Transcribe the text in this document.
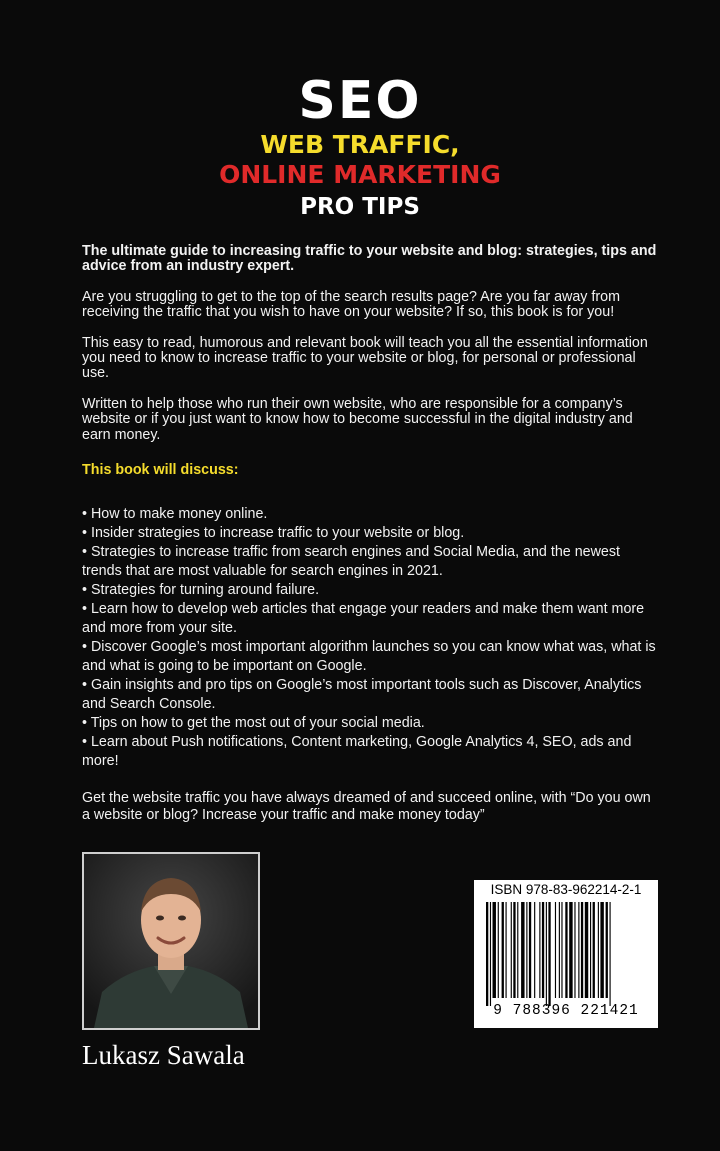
SEO
WEB TRAFFIC,
ONLINE MARKETING
PRO TIPS

The ultimate guide to increasing traffic to your website and blog: strategies, tips and advice from an industry expert.

Are you struggling to get to the top of the search results page? Are you far away from receiving the traffic that you wish to have on your website? If so, this book is for you!

This easy to read, humorous and relevant book will teach you all the essential information you need to know to increase traffic to your website or blog, for personal or professional use.

Written to help those who run their own website, who are responsible for a company’s website or if you just want to know how to become successful in the digital industry and earn money.

This book will discuss:

• How to make money online.
• Insider strategies to increase traffic to your website or blog.
• Strategies to increase traffic from search engines and Social Media, and the newest trends that are most valuable for search engines in 2021.
• Strategies for turning around failure.
• Learn how to develop web articles that engage your readers and make them want more and more from your site.
• Discover Google’s most important algorithm launches so you can know what was, what is and what is going to be important on Google.
• Gain insights and pro tips on Google’s most important tools such as Discover, Analytics and Search Console.
• Tips on how to get the most out of your social media.
• Learn about Push notifications, Content marketing, Google Analytics 4, SEO, ads and more!

Get the website traffic you have always dreamed of and succeed online, with “Do you own a website or blog? Increase your traffic and make money today”

Lukasz Sawala
ISBN 978-83-962214-2-1
9 788396 221421
